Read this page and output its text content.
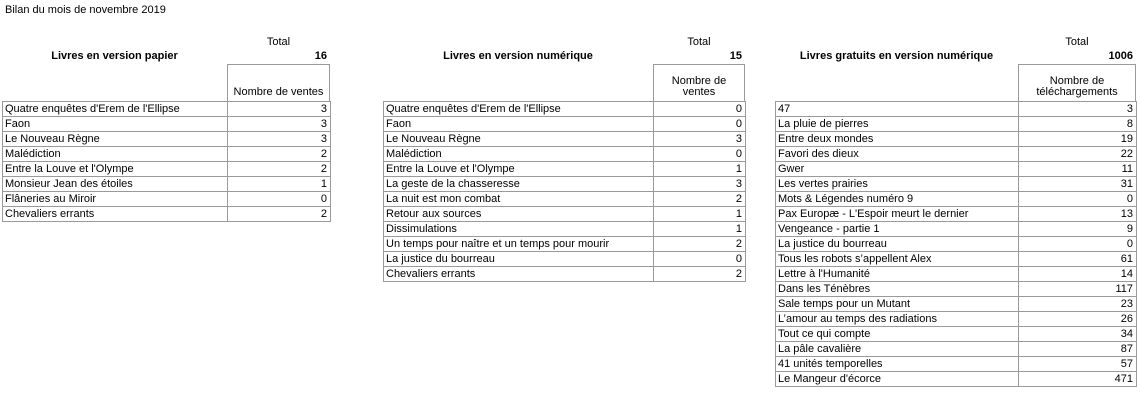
Bilan du mois de novembre 2019
Total
Livres en version papier	16
Nombre de ventes
Quatre enquêtes d'Erem de l'Ellipse	3
Faon	3
Le Nouveau Règne	3
Malédiction	2
Entre la Louve et l'Olympe	2
Monsieur Jean des étoiles	1
Flâneries au Miroir	0
Chevaliers errants	2
Total
Livres en version numérique	15
Nombre de ventes
Quatre enquêtes d'Erem de l'Ellipse	0
Faon	0
Le Nouveau Règne	3
Malédiction	0
Entre la Louve et l'Olympe	1
La geste de la chasseresse	3
La nuit est mon combat	2
Retour aux sources	1
Dissimulations	1
Un temps pour naître et un temps pour mourir	2
La justice du bourreau	0
Chevaliers errants	2
Total
Livres gratuits en version numérique	1006
Nombre de téléchargements
47	3
La pluie de pierres	8
Entre deux mondes	19
Favori des dieux	22
Gwer	11
Les vertes prairies	31
Mots & Légendes numéro 9	0
Pax Europæ - L'Espoir meurt le dernier	13
Vengeance - partie 1	9
La justice du bourreau	0
Tous les robots s’appellent Alex	61
Lettre à l'Humanité	14
Dans les Ténèbres	117
Sale temps pour un Mutant	23
L’amour au temps des radiations	26
Tout ce qui compte	34
La pâle cavalière	87
41 unités temporelles	57
Le Mangeur d'écorce	471
